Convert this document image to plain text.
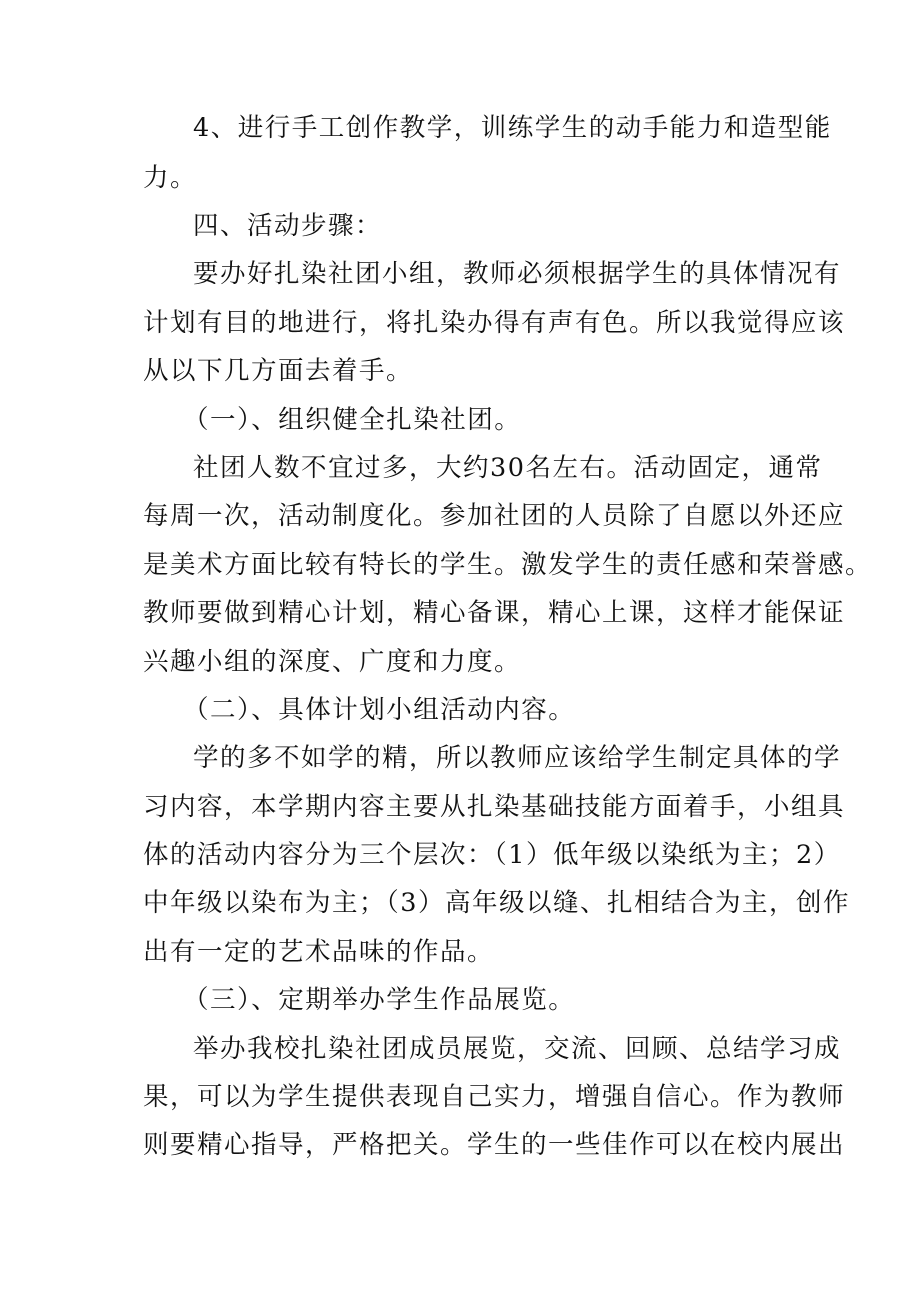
4、进行手工创作教学，训练学生的动手能力和造型能
力。
四、活动步骤：
要办好扎染社团小组，教师必须根据学生的具体情况有
计划有目的地进行，将扎染办得有声有色。所以我觉得应该
从以下几方面去着手。
（一）、组织健全扎染社团。
社团人数不宜过多，大约30名左右。活动固定，通常
每周一次，活动制度化。参加社团的人员除了自愿以外还应
是美术方面比较有特长的学生。激发学生的责任感和荣誉感。
教师要做到精心计划，精心备课，精心上课，这样才能保证
兴趣小组的深度、广度和力度。
（二）、具体计划小组活动内容。
学的多不如学的精，所以教师应该给学生制定具体的学
习内容，本学期内容主要从扎染基础技能方面着手，小组具
体的活动内容分为三个层次：（1）低年级以染纸为主；2）
中年级以染布为主；（3）高年级以缝、扎相结合为主，创作
出有一定的艺术品味的作品。
（三）、定期举办学生作品展览。
举办我校扎染社团成员展览，交流、回顾、总结学习成
果，可以为学生提供表现自己实力，增强自信心。作为教师
则要精心指导，严格把关。学生的一些佳作可以在校内展出
